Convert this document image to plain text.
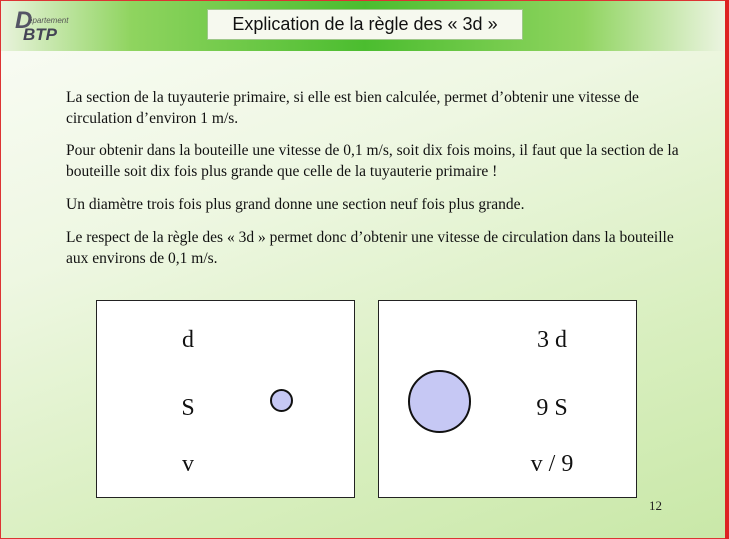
D
épartement
BTP
Explication de la règle des « 3d »
La section de la tuyauterie primaire, si elle est bien calculée, permet d’obtenir une vitesse de circulation d’environ 1 m/s.
Pour obtenir dans la bouteille une vitesse de 0,1 m/s, soit dix fois moins, il faut que la section de la bouteille soit dix fois plus grande que celle de la tuyauterie primaire !
Un diamètre trois fois plus grand donne une section neuf fois plus grande.
Le respect de la règle des « 3d » permet donc d’obtenir une vitesse de circulation dans la bouteille aux environs de 0,1 m/s.
d
S
v
3 d
9 S
v / 9
12
